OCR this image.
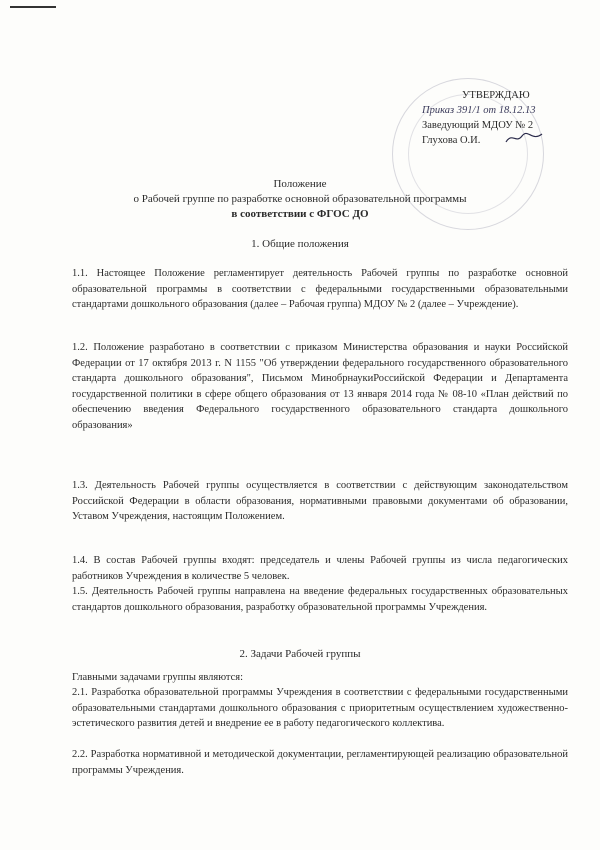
УТВЕРЖДАЮ
Приказ 391/1 от 18.12.13
Заведующий МДОУ № 2
Глухова О.И.
Положение
о Рабочей группе по разработке основной образовательной программы
в соответствии с ФГОС ДО
1. Общие положения
1.1. Настоящее Положение регламентирует деятельность Рабочей группы по разработке основной образовательной программы в соответствии с федеральными государственными образовательными стандартами дошкольного образования (далее – Рабочая группа) МДОУ № 2 (далее – Учреждение).
1.2. Положение разработано в соответствии с приказом Министерства образования и науки Российской Федерации от 17 октября 2013 г. N 1155 "Об утверждении федерального государственного образовательного стандарта дошкольного образования", Письмом МинобрнаукиРоссийской Федерации и Департамента государственной политики в сфере общего образования от 13 января 2014 года № 08-10 «План действий по обеспечению введения Федерального государственного образовательного стандарта дошкольного образования»
1.3. Деятельность Рабочей группы осуществляется в соответствии с действующим законодательством Российской Федерации в области образования, нормативными правовыми документами об образовании, Уставом Учреждения, настоящим Положением.
1.4. В состав Рабочей группы входят: председатель и члены Рабочей группы из числа педагогических работников Учреждения в количестве 5 человек.
1.5. Деятельность Рабочей группы направлена на введение федеральных государственных образовательных стандартов дошкольного образования, разработку образовательной программы Учреждения.
2. Задачи Рабочей группы
Главными задачами группы являются:
2.1. Разработка образовательной программы Учреждения в соответствии с федеральными государственными образовательными стандартами дошкольного образования с приоритетным осуществлением художественно-эстетического развития детей и внедрение ее в работу педагогического коллектива.
2.2. Разработка нормативной и методической документации, регламентирующей реализацию образовательной программы Учреждения.
